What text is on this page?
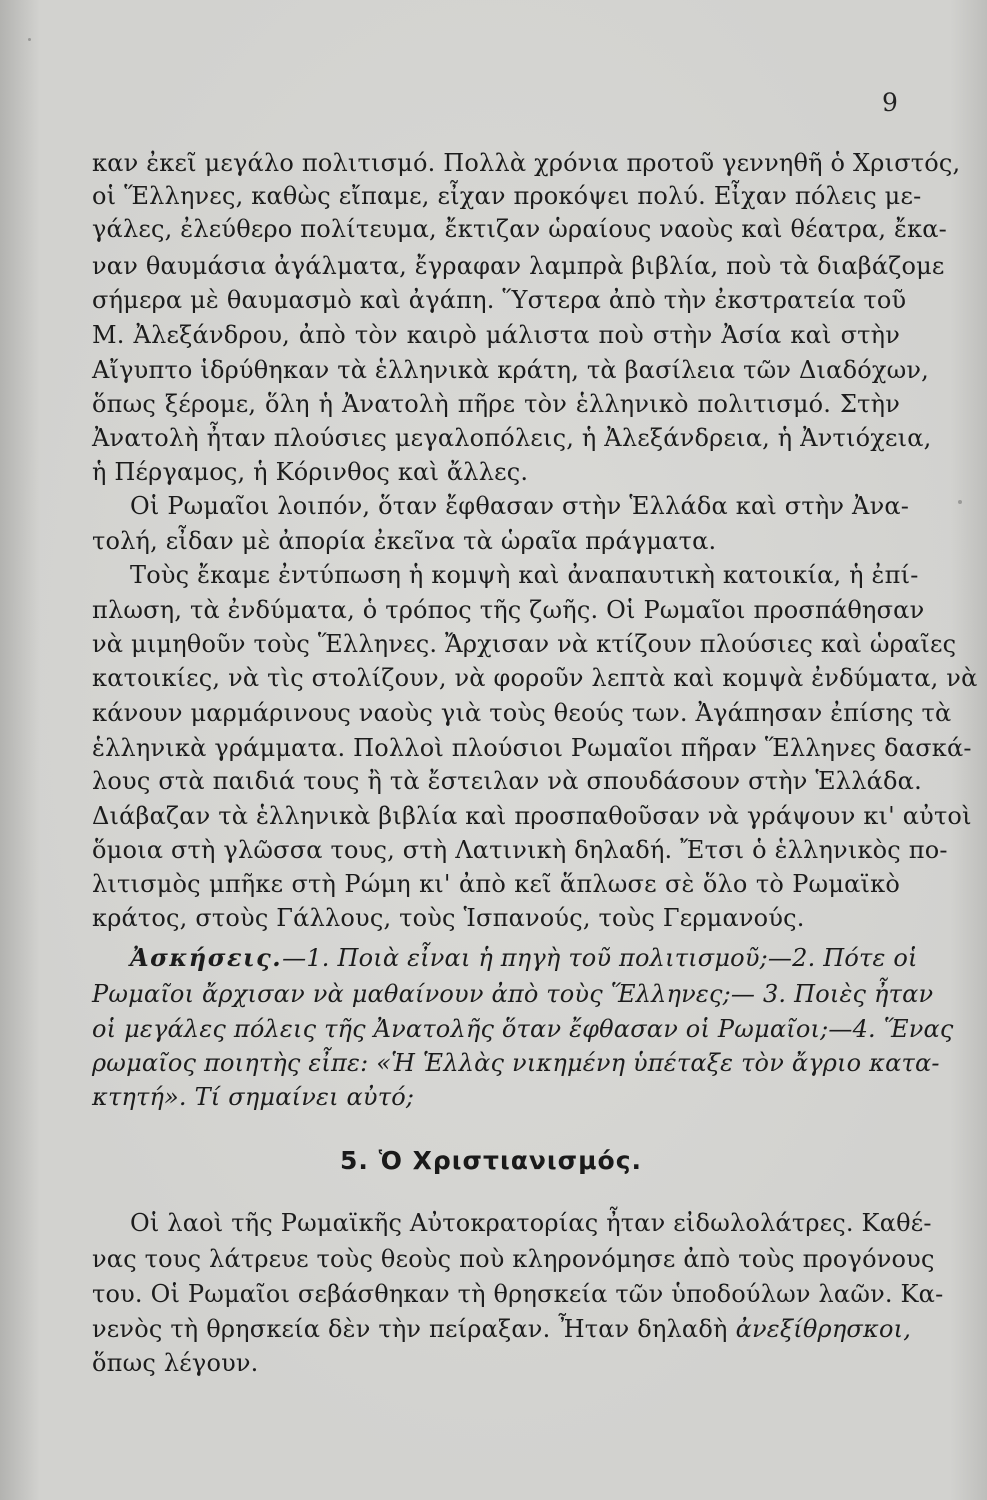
9
καν ἐκεῖ μεγάλο πολιτισμό. Πολλὰ χρόνια προτοῦ γεννηθῆ ὁ Χριστός,
οἱ Ἕλληνες, καθὼς εἴπαμε, εἶχαν προκόψει πολύ. Εἶχαν πόλεις με-
γάλες, ἐλεύθερο πολίτευμα, ἔκτιζαν ὡραίους ναοὺς καὶ θέατρα, ἔκα-
ναν θαυμάσια ἀγάλματα, ἔγραφαν λαμπρὰ βιβλία, ποὺ τὰ διαβάζομε
σήμερα μὲ θαυμασμὸ καὶ ἀγάπη. Ὕστερα ἀπὸ τὴν ἐκστρατεία τοῦ
Μ. Ἀλεξάνδρου, ἀπὸ τὸν καιρὸ μάλιστα ποὺ στὴν Ἀσία καὶ στὴν
Αἴγυπτο ἱδρύθηκαν τὰ ἑλληνικὰ κράτη, τὰ βασίλεια τῶν Διαδόχων,
ὅπως ξέρομε, ὅλη ἡ Ἀνατολὴ πῆρε τὸν ἑλληνικὸ πολιτισμό. Στὴν
Ἀνατολὴ ἦταν πλούσιες μεγαλοπόλεις, ἡ Ἀλεξάνδρεια, ἡ Ἀντιόχεια,
ἡ Πέργαμος, ἡ Κόρινθος καὶ ἄλλες.
Οἱ Ρωμαῖοι λοιπόν, ὅταν ἔφθασαν στὴν Ἑλλάδα καὶ στὴν Ἀνα-
τολή, εἶδαν μὲ ἀπορία ἐκεῖνα τὰ ὡραῖα πράγματα.
Τοὺς ἔκαμε ἐντύπωση ἡ κομψὴ καὶ ἀναπαυτικὴ κατοικία, ἡ ἐπί-
πλωση, τὰ ἐνδύματα, ὁ τρόπος τῆς ζωῆς. Οἱ Ρωμαῖοι προσπάθησαν
νὰ μιμηθοῦν τοὺς Ἕλληνες. Ἄρχισαν νὰ κτίζουν πλούσιες καὶ ὡραῖες
κατοικίες, νὰ τὶς στολίζουν, νὰ φοροῦν λεπτὰ καὶ κομψὰ ἐνδύματα, νὰ
κάνουν μαρμάρινους ναοὺς γιὰ τοὺς θεούς των. Ἀγάπησαν ἐπίσης τὰ
ἑλληνικὰ γράμματα. Πολλοὶ πλούσιοι Ρωμαῖοι πῆραν Ἕλληνες δασκά-
λους στὰ παιδιά τους ἢ τὰ ἔστειλαν νὰ σπουδάσουν στὴν Ἑλλάδα.
Διάβαζαν τὰ ἑλληνικὰ βιβλία καὶ προσπαθοῦσαν νὰ γράψουν κι' αὐτοὶ
ὅμοια στὴ γλῶσσα τους, στὴ Λατινικὴ δηλαδή. Ἔτσι ὁ ἑλληνικὸς πο-
λιτισμὸς μπῆκε στὴ Ρώμη κι' ἀπὸ κεῖ ἅπλωσε σὲ ὅλο τὸ Ρωμαϊκὸ
κράτος, στοὺς Γάλλους, τοὺς Ἱσπανούς, τοὺς Γερμανούς.
Ἀσκήσεις. —1. Ποιὰ εἶναι ἡ πηγὴ τοῦ πολιτισμοῦ;—2. Πότε οἱ
Ρωμαῖοι ἄρχισαν νὰ μαθαίνουν ἀπὸ τοὺς Ἕλληνες;— 3. Ποιὲς ἦταν
οἱ μεγάλες πόλεις τῆς Ἀνατολῆς ὅταν ἔφθασαν οἱ Ρωμαῖοι;—4. Ἕνας
ρωμαῖος ποιητὴς εἶπε: «Ἡ Ἑλλὰς νικημένη ὑπέταξε τὸν ἄγριο κατα-
κτητή». Τί σημαίνει αὐτό;
5. Ὁ Χριστιανισμός.
Οἱ λαοὶ τῆς Ρωμαϊκῆς Αὐτοκρατορίας ἦταν εἰδωλολάτρες. Καθέ-
νας τους λάτρευε τοὺς θεοὺς ποὺ κληρονόμησε ἀπὸ τοὺς προγόνους
του. Οἱ Ρωμαῖοι σεβάσθηκαν τὴ θρησκεία τῶν ὑποδούλων λαῶν. Κα-
νενὸς τὴ θρησκεία δὲν τὴν πείραξαν. Ἦταν δηλαδὴ ἀνεξίθρησκοι,
ὅπως λέγουν.
